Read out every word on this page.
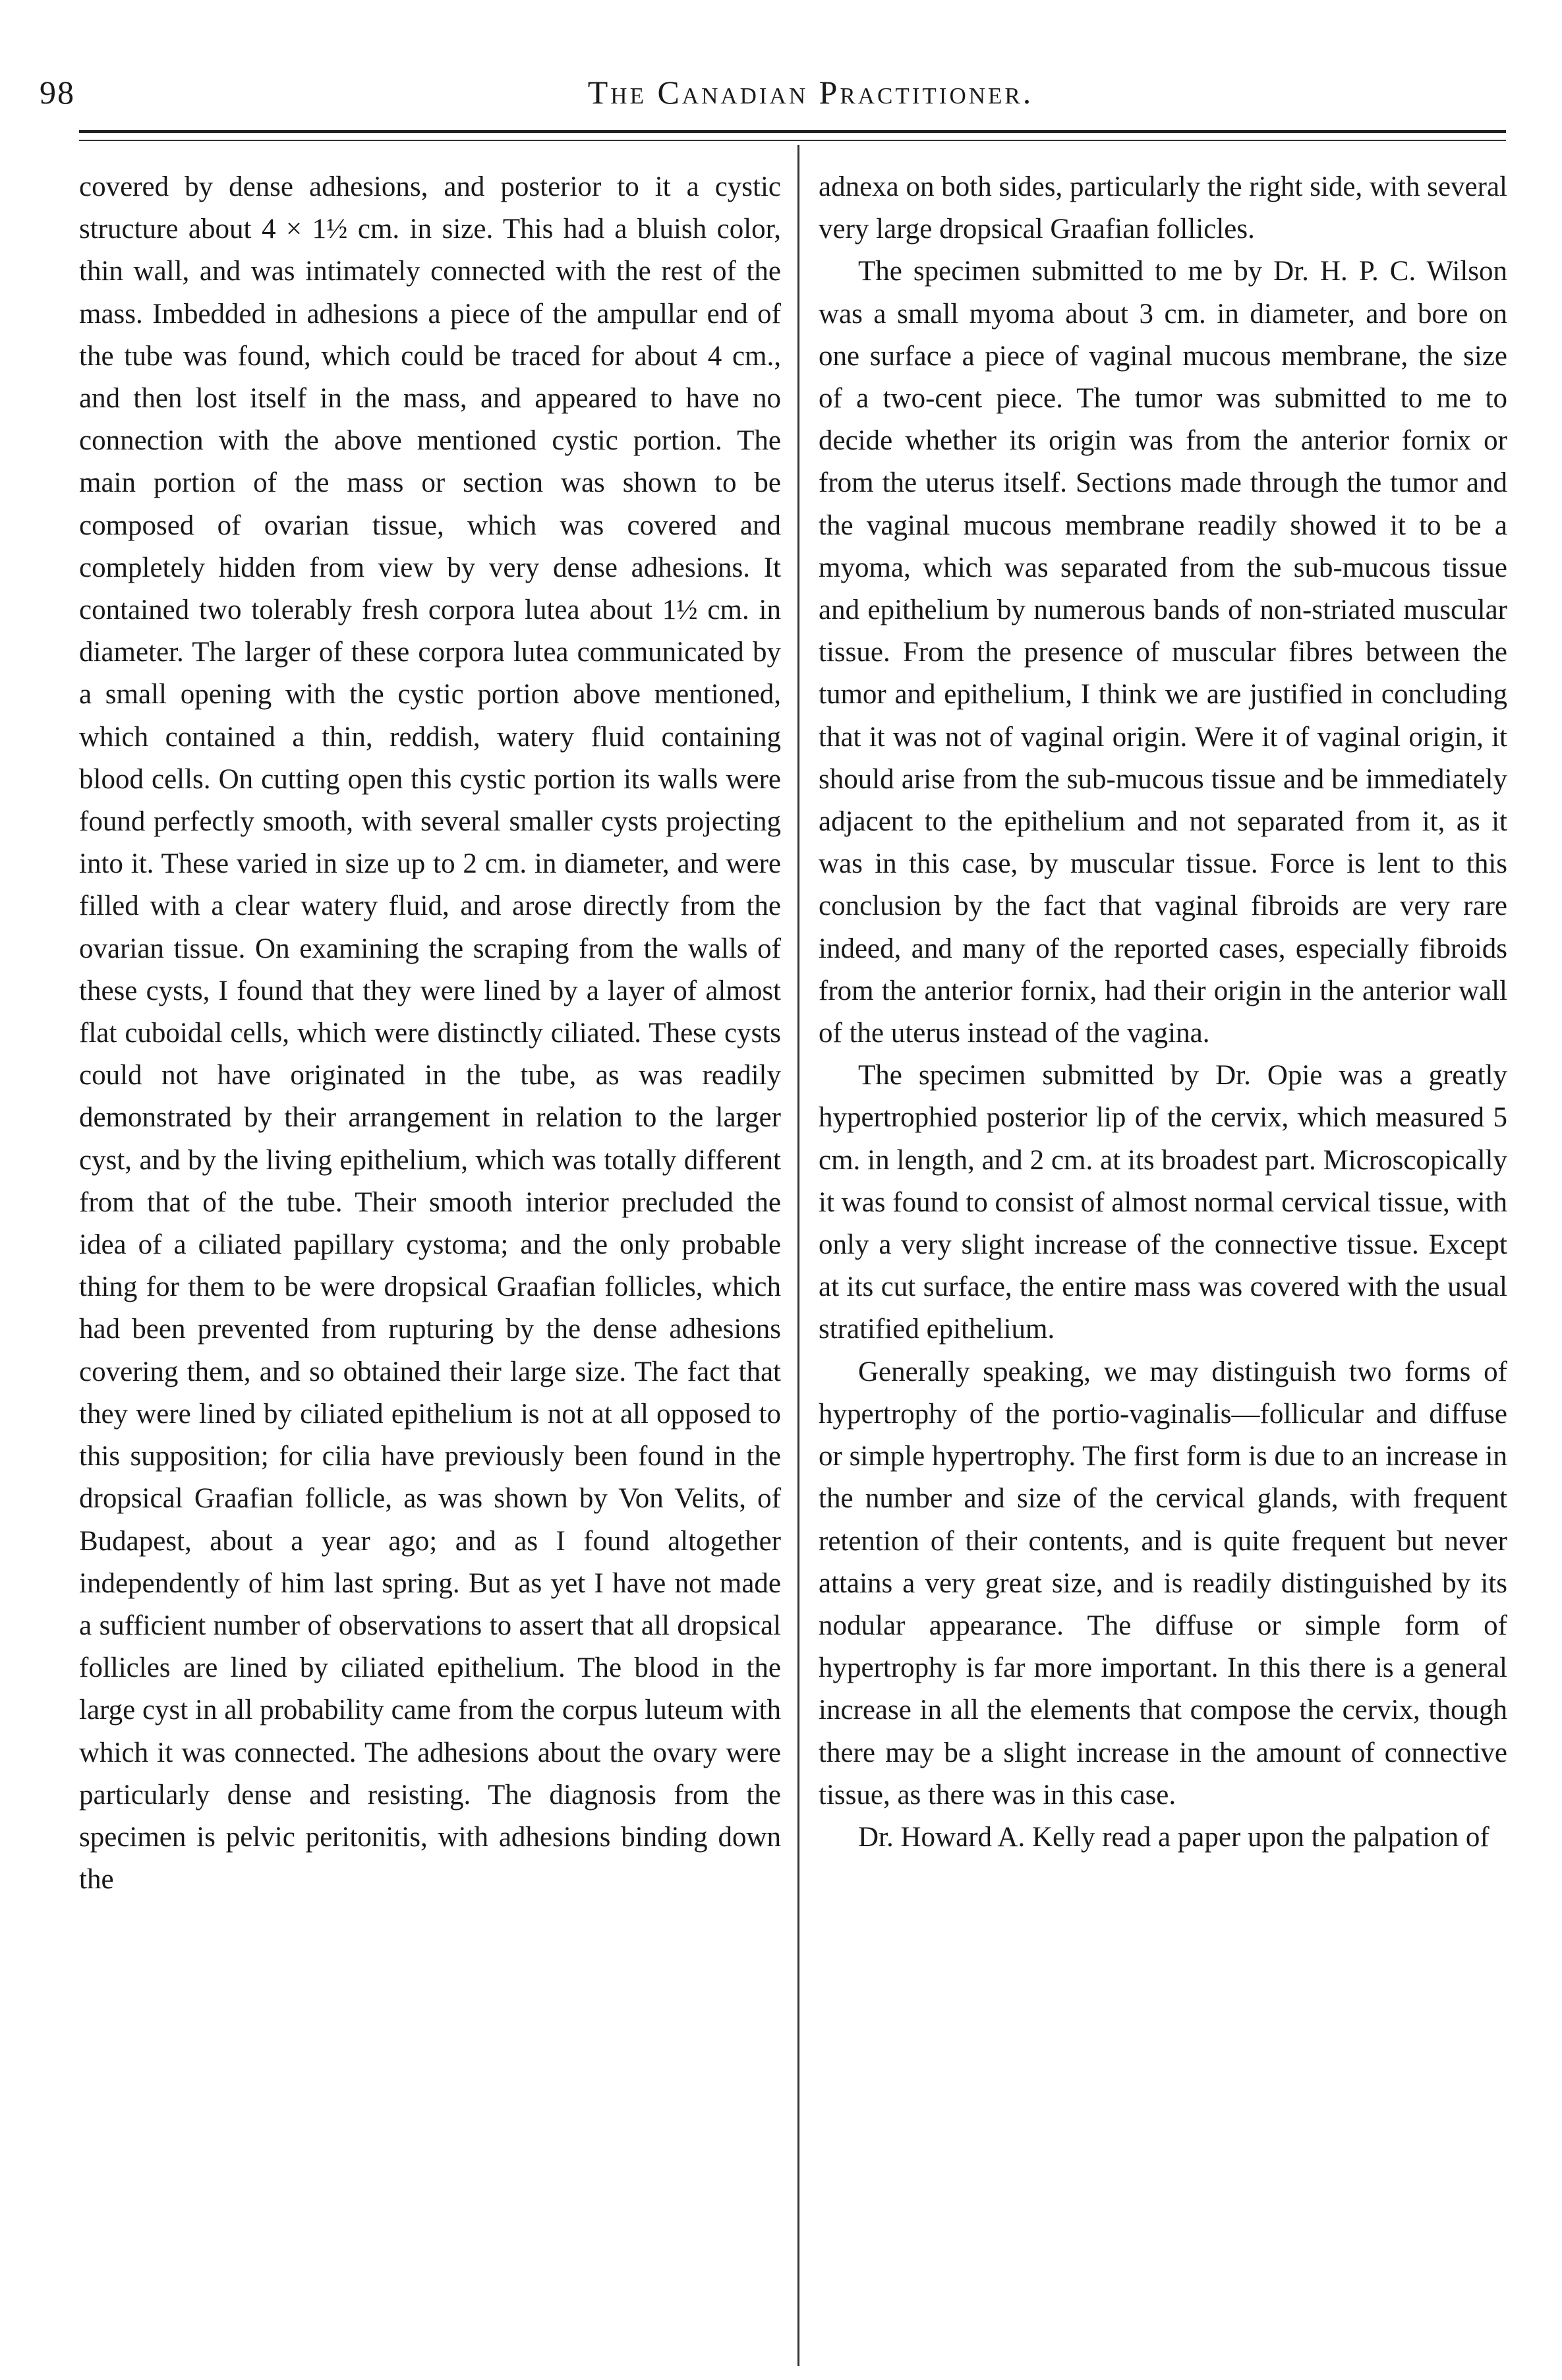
98	The Canadian Practitioner.

covered by dense adhesions, and posterior to it a cystic structure about 4 × 1½ cm. in size. This had a bluish color, thin wall, and was intimately connected with the rest of the mass. Imbedded in adhesions a piece of the ampullar end of the tube was found, which could be traced for about 4 cm., and then lost itself in the mass, and appeared to have no connection with the above mentioned cystic portion. The main portion of the mass or section was shown to be composed of ovarian tissue, which was covered and completely hidden from view by very dense adhesions. It contained two tolerably fresh corpora lutea about 1½ cm. in diameter. The larger of these corpora lutea communicated by a small opening with the cystic portion above mentioned, which contained a thin, reddish, watery fluid containing blood cells. On cutting open this cystic portion its walls were found perfectly smooth, with several smaller cysts projecting into it. These varied in size up to 2 cm. in diameter, and were filled with a clear watery fluid, and arose directly from the ovarian tissue. On examining the scraping from the walls of these cysts, I found that they were lined by a layer of almost flat cuboidal cells, which were distinctly ciliated. These cysts could not have originated in the tube, as was readily demonstrated by their arrangement in relation to the larger cyst, and by the living epithelium, which was totally different from that of the tube. Their smooth interior precluded the idea of a ciliated papillary cystoma; and the only probable thing for them to be were dropsical Graafian follicles, which had been prevented from rupturing by the dense adhesions covering them, and so obtained their large size. The fact that they were lined by ciliated epithelium is not at all opposed to this supposition; for cilia have previously been found in the dropsical Graafian follicle, as was shown by Von Velits, of Budapest, about a year ago; and as I found altogether independently of him last spring. But as yet I have not made a sufficient number of observations to assert that all dropsical follicles are lined by ciliated epithelium. The blood in the large cyst in all probability came from the corpus luteum with which it was connected. The adhesions about the ovary were particularly dense and resisting. The diagnosis from the specimen is pelvic peritonitis, with adhesions binding down the

adnexa on both sides, particularly the right side, with several very large dropsical Graafian follicles.

The specimen submitted to me by Dr. H. P. C. Wilson was a small myoma about 3 cm. in diameter, and bore on one surface a piece of vaginal mucous membrane, the size of a two-cent piece. The tumor was submitted to me to decide whether its origin was from the anterior fornix or from the uterus itself. Sections made through the tumor and the vaginal mucous membrane readily showed it to be a myoma, which was separated from the sub-mucous tissue and epithelium by numerous bands of non-striated muscular tissue. From the presence of muscular fibres between the tumor and epithelium, I think we are justified in concluding that it was not of vaginal origin. Were it of vaginal origin, it should arise from the sub-mucous tissue and be immediately adjacent to the epithelium and not separated from it, as it was in this case, by muscular tissue. Force is lent to this conclusion by the fact that vaginal fibroids are very rare indeed, and many of the reported cases, especially fibroids from the anterior fornix, had their origin in the anterior wall of the uterus instead of the vagina.

The specimen submitted by Dr. Opie was a greatly hypertrophied posterior lip of the cervix, which measured 5 cm. in length, and 2 cm. at its broadest part. Microscopically it was found to consist of almost normal cervical tissue, with only a very slight increase of the connective tissue. Except at its cut surface, the entire mass was covered with the usual stratified epithelium.

Generally speaking, we may distinguish two forms of hypertrophy of the portio-vaginalis—follicular and diffuse or simple hypertrophy. The first form is due to an increase in the number and size of the cervical glands, with frequent retention of their contents, and is quite frequent but never attains a very great size, and is readily distinguished by its nodular appearance. The diffuse or simple form of hypertrophy is far more important. In this there is a general increase in all the elements that compose the cervix, though there may be a slight increase in the amount of connective tissue, as there was in this case.

Dr. Howard A. Kelly read a paper upon the palpation of
